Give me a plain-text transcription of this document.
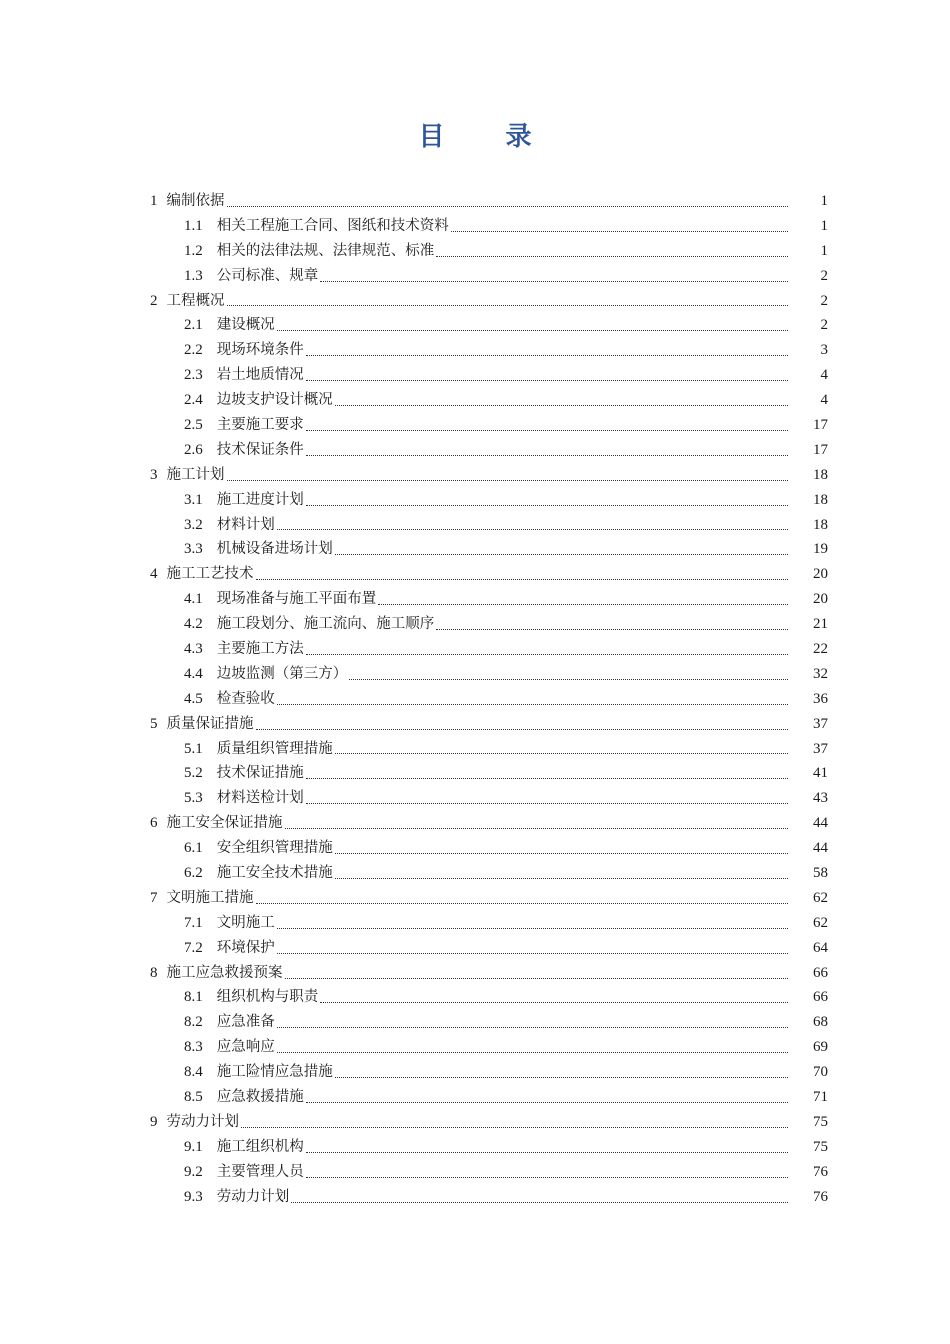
目 录
1 编制依据	1
1.1 相关工程施工合同、图纸和技术资料	1
1.2 相关的法律法规、法律规范、标准	1
1.3 公司标准、规章	2
2 工程概况	2
2.1 建设概况	2
2.2 现场环境条件	3
2.3 岩土地质情况	4
2.4 边坡支护设计概况	4
2.5 主要施工要求	17
2.6 技术保证条件	17
3 施工计划	18
3.1 施工进度计划	18
3.2 材料计划	18
3.3 机械设备进场计划	19
4 施工工艺技术	20
4.1 现场准备与施工平面布置	20
4.2 施工段划分、施工流向、施工顺序	21
4.3 主要施工方法	22
4.4 边坡监测（第三方）	32
4.5 检查验收	36
5 质量保证措施	37
5.1 质量组织管理措施	37
5.2 技术保证措施	41
5.3 材料送检计划	43
6 施工安全保证措施	44
6.1 安全组织管理措施	44
6.2 施工安全技术措施	58
7 文明施工措施	62
7.1 文明施工	62
7.2 环境保护	64
8 施工应急救援预案	66
8.1 组织机构与职责	66
8.2 应急准备	68
8.3 应急响应	69
8.4 施工险情应急措施	70
8.5 应急救援措施	71
9 劳动力计划	75
9.1 施工组织机构	75
9.2 主要管理人员	76
9.3 劳动力计划	76
